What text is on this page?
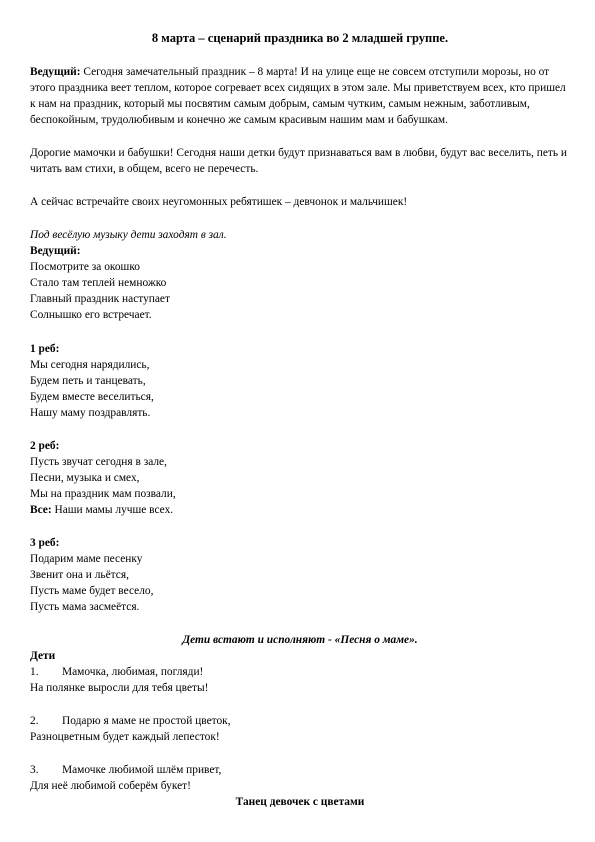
8 марта – сценарий праздника во 2 младшей группе.

Ведущий: Сегодня замечательный праздник – 8 марта! И на улице еще не совсем отступили морозы, но от этого праздника веет теплом, которое согревает всех сидящих в этом зале. Мы приветствуем всех, кто пришел к нам на праздник, который мы посвятим самым добрым, самым чутким, самым нежным, заботливым, беспокойным, трудолюбивым и конечно же самым красивым нашим мам и бабушкам.

Дорогие мамочки и бабушки! Сегодня наши детки будут признаваться вам в любви, будут вас веселить, петь и читать вам стихи, в общем, всего не перечесть.

А сейчас встречайте своих неугомонных ребятишек – девчонок и мальчишек!

Под весёлую музыку дети заходят в зал.

Ведущий:

Посмотрите за окошко

Стало там теплей немножко

Главный праздник наступает

Солнышко его встречает.

1 реб:

Мы сегодня нарядились,

Будем петь и танцевать,

Будем вместе веселиться,

Нашу маму поздравлять.

2 реб:

Пусть звучат сегодня в зале,

Песни, музыка и смех,

Мы на праздник мам позвали,

Все: Наши мамы лучше всех.

3 реб:

Подарим маме песенку

Звенит она и льётся,

Пусть маме будет весело,

Пусть мама засмеётся.

Дети встают и исполняют - «Песня о маме».

Дети

1. Мамочка, любимая, погляди!

На полянке выросли для тебя цветы!

2. Подарю я маме не простой цветок,

Разноцветным будет каждый лепесток!

3. Мамочке любимой шлём привет,

Для неё любимой соберём букет!

Танец девочек с цветами
